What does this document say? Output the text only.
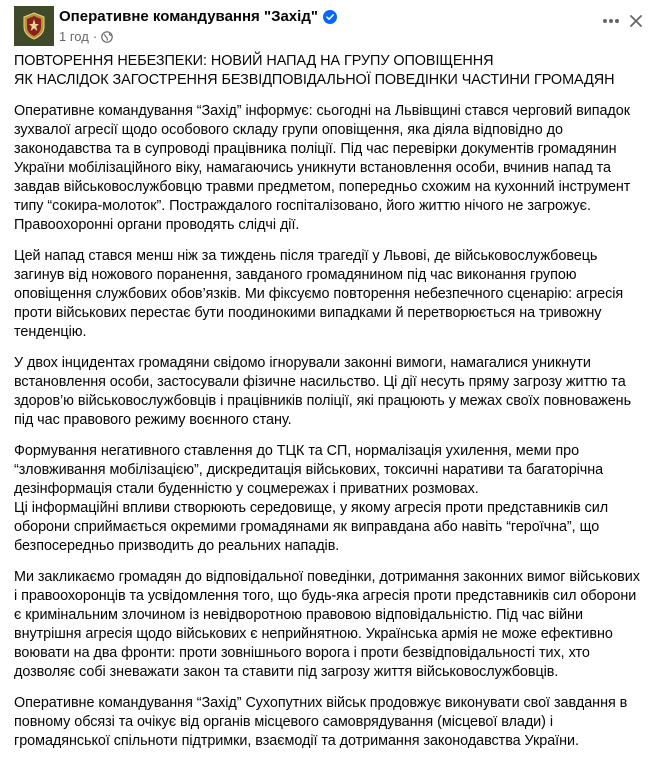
Оперативне командування "Захід"
1 год ·

ПОВТОРЕННЯ НЕБЕЗПЕКИ: НОВИЙ НАПАД НА ГРУПУ ОПОВІЩЕННЯ
ЯК НАСЛІДОК ЗАГОСТРЕННЯ БЕЗВІДПОВІДАЛЬНОЇ ПОВЕДІНКИ ЧАСТИНИ ГРОМАДЯН

Оперативне командування “Захід” інформує: сьогодні на Львівщині стався черговий випадок зухвалої агресії щодо особового складу групи оповіщення, яка діяла відповідно до законодавства та в супроводі працівника поліції. Під час перевірки документів громадянин України мобілізаційного віку, намагаючись уникнути встановлення особи, вчинив напад та завдав військовослужбовцю травми предметом, попередньо схожим на кухонний інструмент типу “сокира-молоток”. Постраждалого госпіталізовано, його життю нічого не загрожує. Правоохоронні органи проводять слідчі дії.

Цей напад стався менш ніж за тиждень після трагедії у Львові, де військовослужбовець загинув від ножового поранення, завданого громадянином під час виконання групою оповіщення службових обов’язків. Ми фіксуємо повторення небезпечного сценарію: агресія проти військових перестає бути поодинокими випадками й перетворюється на тривожну тенденцію.

У двох інцидентах громадяни свідомо ігнорували законні вимоги, намагалися уникнути встановлення особи, застосували фізичне насильство. Ці дії несуть пряму загрозу життю та здоров’ю військовослужбовців і працівників поліції, які працюють у межах своїх повноважень під час правового режиму воєнного стану.

Формування негативного ставлення до ТЦК та СП, нормалізація ухилення, меми про “зловживання мобілізацією”, дискредитація військових, токсичні наративи та багаторічна дезінформація стали буденністю у соцмережах і приватних розмовах.
Ці інформаційні впливи створюють середовище, у якому агресія проти представників сил оборони сприймається окремими громадянами як виправдана або навіть “героїчна”, що безпосередньо призводить до реальних нападів.

Ми закликаємо громадян до відповідальної поведінки, дотримання законних вимог військових і правоохоронців та усвідомлення того, що будь-яка агресія проти представників сил оборони є кримінальним злочином із невідворотною правовою відповідальністю. Під час війни внутрішня агресія щодо військових є неприйнятною. Українська армія не може ефективно воювати на два фронти: проти зовнішнього ворога і проти безвідповідальності тих, хто дозволяє собі зневажати закон та ставити під загрозу життя військовослужбовців.

Оперативне командування “Захід” Сухопутних військ продовжує виконувати свої завдання в повному обсязі та очікує від органів місцевого самоврядування (місцевої влади) і громадянської спільноти підтримки, взаємодії та дотримання законодавства України.
